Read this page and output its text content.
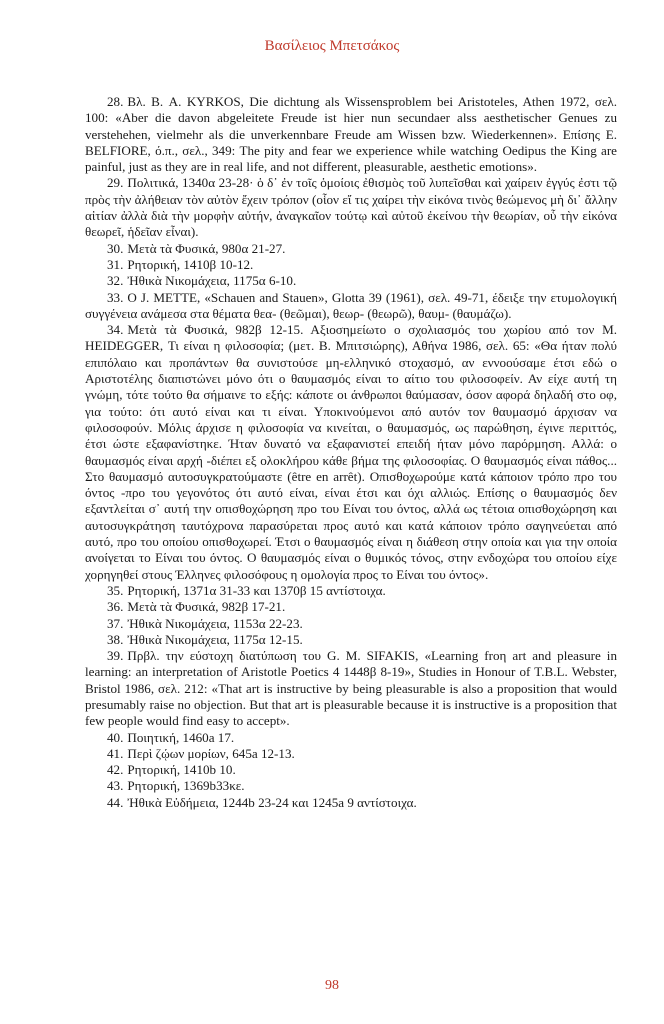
Βασίλειος Μπετσάκος

28. Βλ. Β. A. KYRKOS, Die dichtung als Wissensproblem bei Aristoteles, Athen 1972, σελ. 100: «Aber die davon abgeleitete Freude ist hier nun secundaer alss aesthetischer Genues zu verstehehen, vielmehr als die unverkennbare Freude am Wissen bzw. Wiederkennen». Επίσης E. BELFIORE, ό.π., σελ., 349: The pity and fear we experience while watching Oedipus the King are painful, just as they are in real life, and not different, pleasurable, aesthetic emotions».

29. Πολιτικά, 1340α 23-28· ὁ δ᾽ ἐν τοῖς ὁμοίοις ἐθισμὸς τοῦ λυπεῖσθαι καὶ χαίρειν ἐγγύς ἐστι τῷ πρὸς τὴν ἀλήθειαν τὸν αὐτὸν ἔχειν τρόπον (οἷον εἴ τις χαίρει τὴν εἰκόνα τινὸς θεώμενος μὴ δι᾽ ἄλλην αἰτίαν ἀλλὰ διὰ τὴν μορφὴν αὐτήν, ἀναγκαῖον τούτῳ καὶ αὐτοῦ ἐκείνου τὴν θεωρίαν, οὗ τὴν εἰκόνα θεωρεῖ, ἡδεῖαν εἶναι).

30. Μετὰ τὰ Φυσικά, 980α 21-27.

31. Ρητορική, 1410β 10-12.

32. Ἠθικὰ Νικομάχεια, 1175α 6-10.

33. Ο J. METTE, «Schauen and Stauen», Glotta 39 (1961), σελ. 49-71, έδειξε την ετυμολογική συγγένεια ανάμεσα στα θέματα θεα- (θεῶμαι), θεωρ- (θεωρῶ), θαυμ- (θαυμάζω).

34. Μετὰ τὰ Φυσικά, 982β 12-15. Αξιοσημείωτο ο σχολιασμός του χωρίου από τον M. HEIDEGGER, Τι είναι η φιλοσοφία; (μετ. Β. Μπιτσιώρης), Αθήνα 1986, σελ. 65: «Θα ήταν πολύ επιπόλαιο και προπάντων θα συνιστούσε μη-ελληνικό στοχασμό, αν εννοούσαμε έτσι εδώ ο Αριστοτέλης διαπιστώνει μόνο ότι ο θαυμασμός είναι το αίτιο του φιλοσοφείν. Αν είχε αυτή τη γνώμη, τότε τούτο θα σήμαινε το εξής: κάποτε οι άνθρωποι θαύμασαν, όσον αφορά δηλαδή στο οφ, για τούτο: ότι αυτό είναι και τι είναι. Υποκινούμενοι από αυτόν τον θαυμασμό άρχισαν να φιλοσοφούν. Μόλις άρχισε η φιλοσοφία να κινείται, ο θαυμασμός, ως παρώθηση, έγινε περιττός, έτσι ώστε εξαφανίστηκε. Ήταν δυνατό να εξαφανιστεί επειδή ήταν μόνο παρόρμηση. Αλλά: ο θαυμασμός είναι αρχή -διέπει εξ ολοκλήρου κάθε βήμα της φιλοσοφίας. Ο θαυμασμός είναι πάθος... Στο θαυμασμό αυτοσυγκρατούμαστε (être en arrêt). Οπισθοχωρούμε κατά κάποιον τρόπο προ του όντος -προ του γεγονότος ότι αυτό είναι, είναι έτσι και όχι αλλιώς. Επίσης ο θαυμασμός δεν εξαντλείται σ᾽ αυτή την οπισθοχώρηση προ του Είναι του όντος, αλλά ως τέτοια οπισθοχώρηση και αυτοσυγκράτηση ταυτόχρονα παρασύρεται προς αυτό και κατά κάποιον τρόπο σαγηνεύεται από αυτό, προ του οποίου οπισθοχωρεί. Έτσι ο θαυμασμός είναι η διάθεση στην οποία και για την οποία ανοίγεται το Είναι του όντος. Ο θαυμασμός είναι ο θυμικός τόνος, στην ενδοχώρα του οποίου είχε χορηγηθεί στους Έλληνες φιλοσόφους η ομολογία προς το Είναι του όντος».

35. Ρητορική, 1371α 31-33 και 1370β 15 αντίστοιχα.

36. Μετὰ τὰ Φυσικά, 982β 17-21.

37. Ἠθικὰ Νικομάχεια, 1153α 22-23.

38. Ἠθικὰ Νικομάχεια, 1175α 12-15.

39. Πρβλ. την εύστοχη διατύπωση του G. M. SIFAKIS, «Learning froη art and pleasure in learning: an interpretation of Aristotle Poetics 4 1448β 8-19», Studies in Honour of T.B.L. Webster, Bristol 1986, σελ. 212: «That art is instructive by being pleasurable is also a proposition that would presumably raise no objection. But that art is pleasurable because it is instructive is a proposition that few people would find easy to accept».

40. Ποιητική, 1460a 17.

41. Περὶ ζῴων μορίων, 645a 12-13.

42. Ρητορική, 1410b 10.

43. Ρητορική, 1369b33κε.

44. Ἠθικὰ Εὐδήμεια, 1244b 23-24 και 1245a 9 αντίστοιχα.

98
